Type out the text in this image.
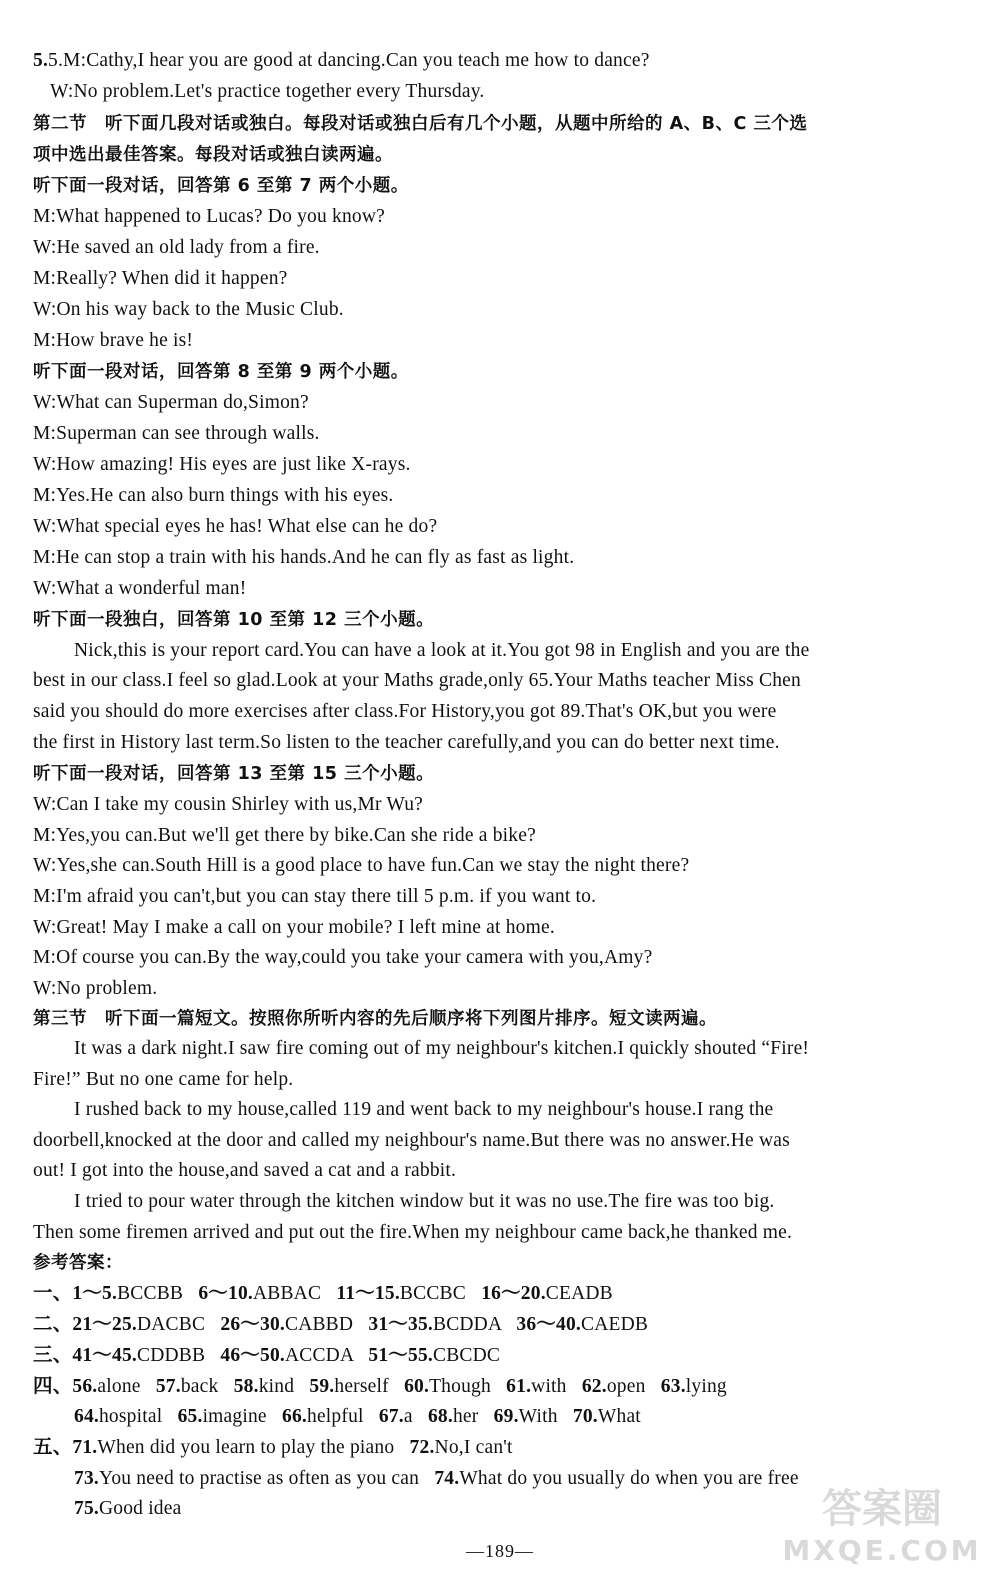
5.5.M:Cathy,I hear you are good at dancing.Can you teach me how to dance?
W:No problem.Let's practice together every Thursday.
第二节　听下面几段对话或独白。每段对话或独白后有几个小题，从题中所给的 A、B、C 三个选
项中选出最佳答案。每段对话或独白读两遍。
听下面一段对话，回答第 6 至第 7 两个小题。
M:What happened to Lucas? Do you know?
W:He saved an old lady from a fire.
M:Really? When did it happen?
W:On his way back to the Music Club.
M:How brave he is!
听下面一段对话，回答第 8 至第 9 两个小题。
W:What can Superman do,Simon?
M:Superman can see through walls.
W:How amazing! His eyes are just like X-rays.
M:Yes.He can also burn things with his eyes.
W:What special eyes he has! What else can he do?
M:He can stop a train with his hands.And he can fly as fast as light.
W:What a wonderful man!
听下面一段独白，回答第 10 至第 12 三个小题。
Nick,this is your report card.You can have a look at it.You got 98 in English and you are the
best in our class.I feel so glad.Look at your Maths grade,only 65.Your Maths teacher Miss Chen
said you should do more exercises after class.For History,you got 89.That's OK,but you were
the first in History last term.So listen to the teacher carefully,and you can do better next time.
听下面一段对话，回答第 13 至第 15 三个小题。
W:Can I take my cousin Shirley with us,Mr Wu?
M:Yes,you can.But we'll get there by bike.Can she ride a bike?
W:Yes,she can.South Hill is a good place to have fun.Can we stay the night there?
M:I'm afraid you can't,but you can stay there till 5 p.m. if you want to.
W:Great! May I make a call on your mobile? I left mine at home.
M:Of course you can.By the way,could you take your camera with you,Amy?
W:No problem.
第三节　听下面一篇短文。按照你所听内容的先后顺序将下列图片排序。短文读两遍。
It was a dark night.I saw fire coming out of my neighbour's kitchen.I quickly shouted “Fire!
Fire!” But no one came for help.
I rushed back to my house,called 119 and went back to my neighbour's house.I rang the
doorbell,knocked at the door and called my neighbour's name.But there was no answer.He was
out! I got into the house,and saved a cat and a rabbit.
I tried to pour water through the kitchen window but it was no use.The fire was too big.
Then some firemen arrived and put out the fire.When my neighbour came back,he thanked me.
参考答案：
一、1～5.BCCBB 6～10.ABBAC 11～15.BCCBC 16～20.CEADB
二、21～25.DACBC 26～30.CABBD 31～35.BCDDA 36～40.CAEDB
三、41～45.CDDBB 46～50.ACCDA 51～55.CBCDC
四、56.alone 57.back 58.kind 59.herself 60.Though 61.with 62.open 63.lying
64.hospital 65.imagine 66.helpful 67.a 68.her 69.With 70.What
五、71.When did you learn to play the piano 72.No,I can't
73.You need to practise as often as you can 74.What do you usually do when you are free
75.Good idea
—189—
答案圈
MXQE.COM
